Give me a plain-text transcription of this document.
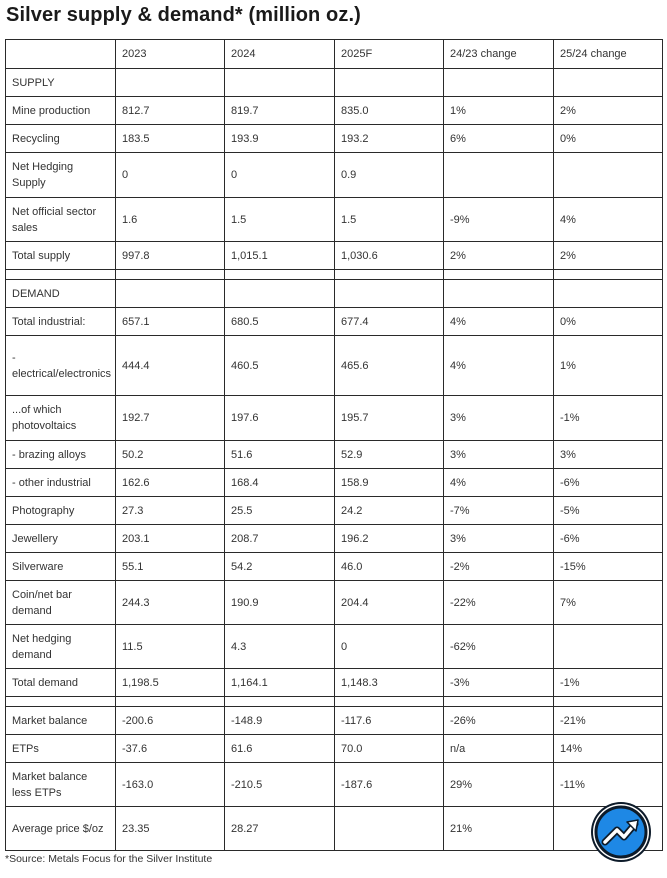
Silver supply & demand* (million oz.)
	2023	2024	2025F	24/23 change	25/24 change
SUPPLY					
Mine production	812.7	819.7	835.0	1%	2%
Recycling	183.5	193.9	193.2	6%	0%
Net Hedging Supply	0	0	0.9		
Net official sector sales	1.6	1.5	1.5	-9%	4%
Total supply	997.8	1,015.1	1,030.6	2%	2%

DEMAND					
Total industrial:	657.1	680.5	677.4	4%	0%
- electrical/electronics	444.4	460.5	465.6	4%	1%
...of which photovoltaics	192.7	197.6	195.7	3%	-1%
- brazing alloys	50.2	51.6	52.9	3%	3%
- other industrial	162.6	168.4	158.9	4%	-6%
Photography	27.3	25.5	24.2	-7%	-5%
Jewellery	203.1	208.7	196.2	3%	-6%
Silverware	55.1	54.2	46.0	-2%	-15%
Coin/net bar demand	244.3	190.9	204.4	-22%	7%
Net hedging demand	11.5	4.3	0	-62%	
Total demand	1,198.5	1,164.1	1,148.3	-3%	-1%

Market balance	-200.6	-148.9	-117.6	-26%	-21%
ETPs	-37.6	61.6	70.0	n/a	14%
Market balance less ETPs	-163.0	-210.5	-187.6	29%	-11%
Average price $/oz	23.35	28.27		21%	
*Source: Metals Focus for the Silver Institute
